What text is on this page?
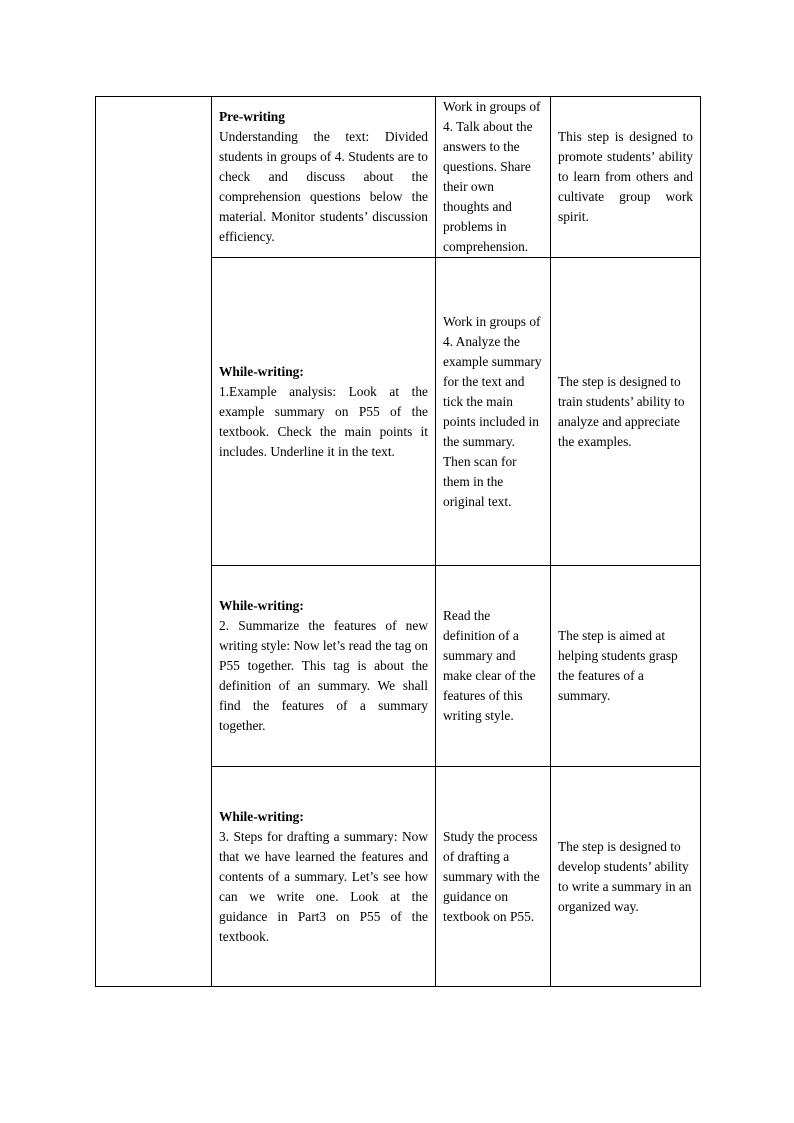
	Pre-writing
Understanding the text: Divided students in groups of 4. Students are to check and discuss about the comprehension questions below the material. Monitor students’ discussion efficiency.	Work in groups of 4. Talk about the answers to the questions. Share their own thoughts and problems in comprehension.	This step is designed to promote students’ ability to learn from others and cultivate group work spirit.

	While-writing:
1.Example analysis: Look at the example summary on P55 of the textbook. Check the main points it includes. Underline it in the text.	Work in groups of 4. Analyze the example summary for the text and tick the main points included in the summary. Then scan for them in the original text.	The step is designed to train students’ ability to analyze and appreciate the examples.

	While-writing:
2. Summarize the features of new writing style: Now let’s read the tag on P55 together. This tag is about the definition of an summary. We shall find the features of a summary together.	Read the definition of a summary and make clear of the features of this writing style.	The step is aimed at helping students grasp the features of a summary.

	While-writing:
3. Steps for drafting a summary: Now that we have learned the features and contents of a summary. Let’s see how can we write one. Look at the guidance in Part3 on P55 of the textbook.	Study the process of drafting a summary with the guidance on textbook on P55.	The step is designed to develop students’ ability to write a summary in an organized way.
